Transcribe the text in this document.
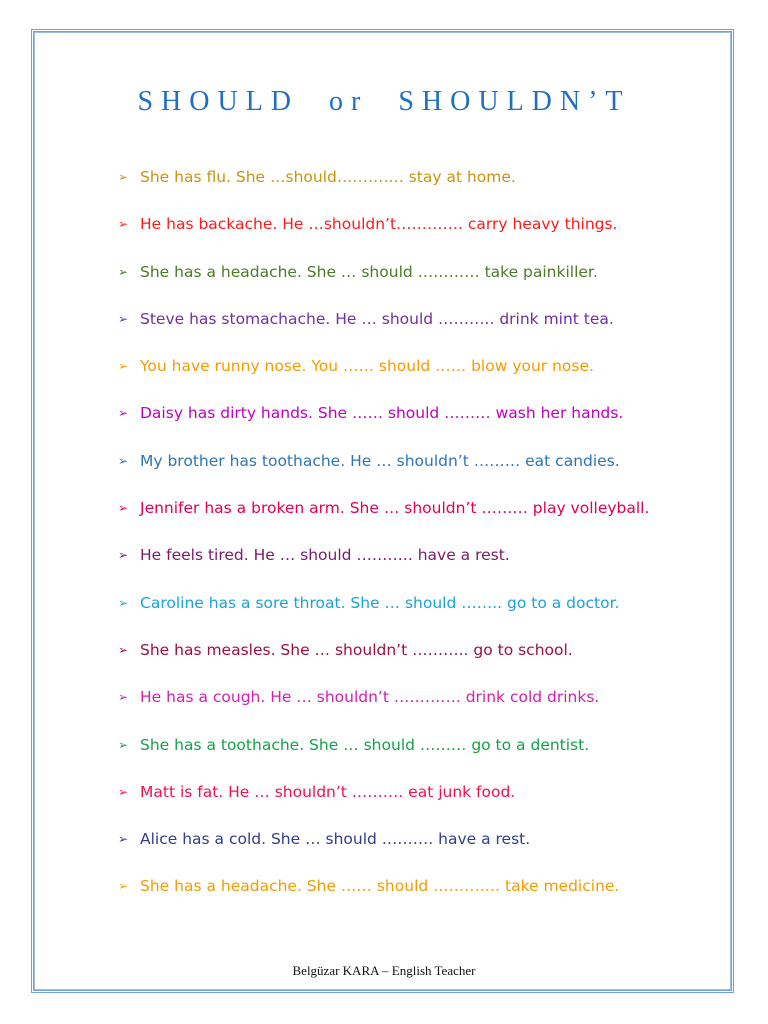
SHOULD  or  SHOULDN’T
➢ She has flu. She …should…………. stay at home.
➢ He has backache. He …shouldn’t…………. carry heavy things.
➢ She has a headache. She … should ………… take painkiller.
➢ Steve has stomachache. He … should ……….. drink mint tea.
➢ You have runny nose. You …… should …… blow your nose.
➢ Daisy has dirty hands. She …… should ……… wash her hands.
➢ My brother has toothache. He … shouldn’t ……… eat candies.
➢ Jennifer has a broken arm. She … shouldn’t ……… play volleyball.
➢ He feels tired. He … should ……….. have a rest.
➢ Caroline has a sore throat. She … should …….. go to a doctor.
➢ She has measles. She … shouldn’t ……….. go to school.
➢ He has a cough. He … shouldn’t …………. drink cold drinks.
➢ She has a toothache. She … should ……… go to a dentist.
➢ Matt is fat. He … shouldn’t ………. eat junk food.
➢ Alice has a cold. She … should ………. have a rest.
➢ She has a headache. She …… should …………. take medicine.
Belgüzar KARA – English Teacher
